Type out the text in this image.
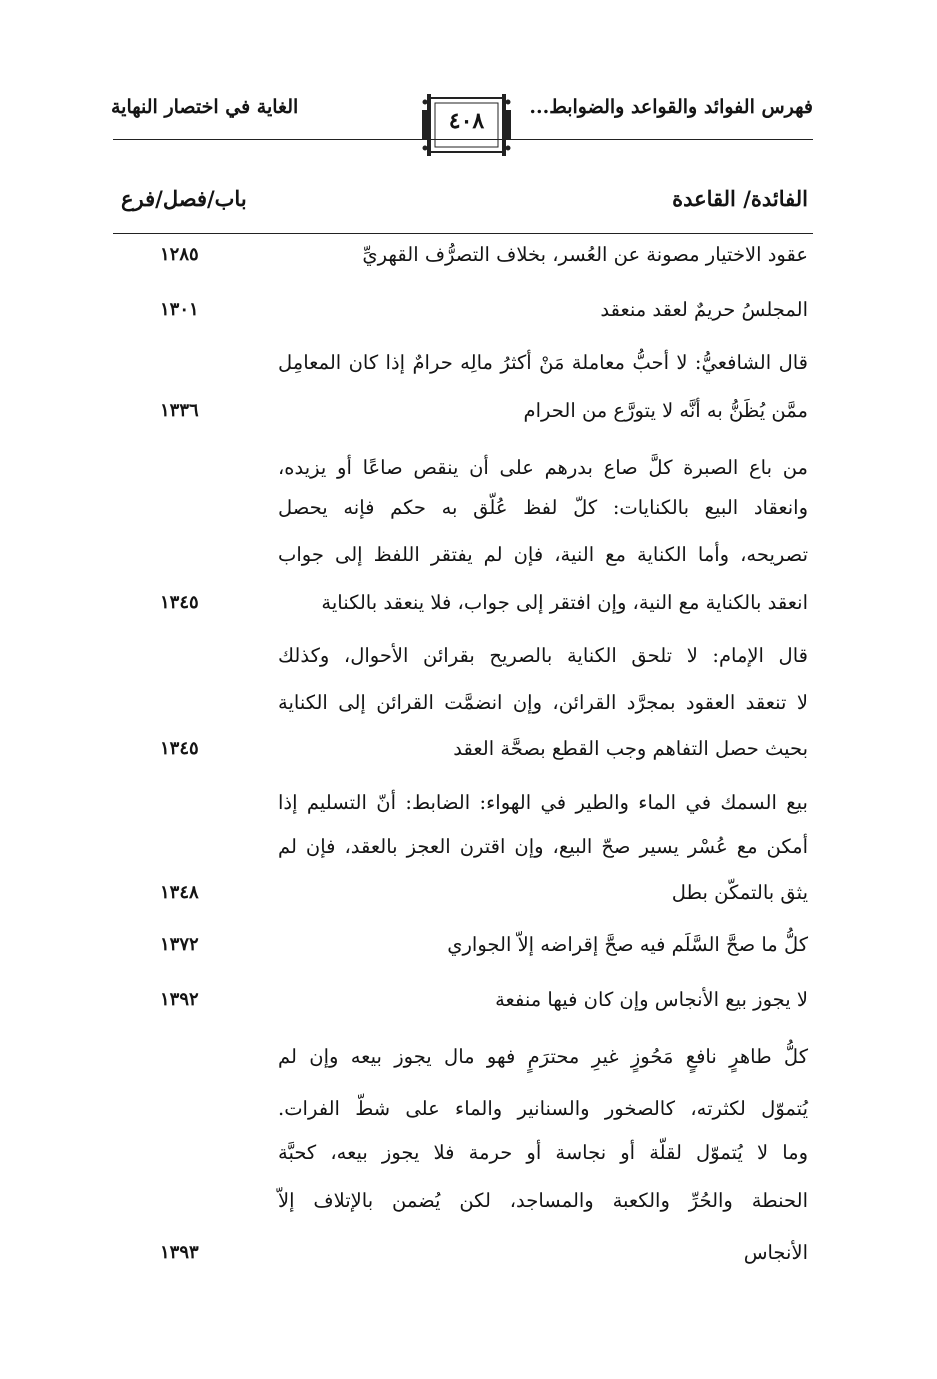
الغاية في اختصار النهاية	فهرس الفوائد والقواعد والضوابط...
٤٠٨
الفائدة/ القاعدة
باب/فصل/فرع
عقود الاختيار مصونة عن العُسر، بخلاف التصرُّف القهريِّ
١٢٨٥
المجلسُ حريمٌ لعقد منعقد
١٣٠١
قال الشافعيُّ: لا أحبُّ معاملة مَنْ أكثرُ مالِه حرامٌ إذا كان المعامِل
ممَّن يُظَنُّ به أنَّه لا يتورَّع من الحرام
١٣٣٦
من باع الصبرة كلَّ صاع بدرهم على أن ينقص صاعًا أو يزيده،
وانعقاد البيع بالكنايات: كلّ لفظ عُلّق به حكم فإنه يحصل
تصريحه، وأما الكناية مع النية، فإن لم يفتقر اللفظ إلى جواب
انعقد بالكناية مع النية، وإن افتقر إلى جواب، فلا ينعقد بالكناية
١٣٤٥
قال الإمام: لا تلحق الكناية بالصريح بقرائن الأحوال، وكذلك
لا تنعقد العقود بمجرَّد القرائن، وإن انضمَّت القرائن إلى الكناية
بحيث حصل التفاهم وجب القطع بصحَّة العقد
١٣٤٥
بيع السمك في الماء والطير في الهواء: الضابط: أنّ التسليم إذا
أمكن مع عُسْر يسير صحّ البيع، وإن اقترن العجز بالعقد، فإن لم
يثق بالتمكّن بطل
١٣٤٨
كلُّ ما صحَّ السَّلَم فيه صحَّ إقراضه إلاّ الجواري
١٣٧٢
لا يجوز بيع الأنجاس وإن كان فيها منفعة
١٣٩٢
كلُّ طاهرٍ نافعٍ مَحُوزٍ غيرِ محترَمٍ فهو مال يجوز بيعه وإن لم
يُتموّل لكثرته، كالصخور والسنانير والماء على شطّ الفرات.
وما لا يُتموّل لقلّة أو نجاسة أو حرمة فلا يجوز بيعه، كحبَّة
الحنطة والحُرِّ والكعبة والمساجد، لكن يُضمن بالإتلاف إلاّ
الأنجاس
١٣٩٣
